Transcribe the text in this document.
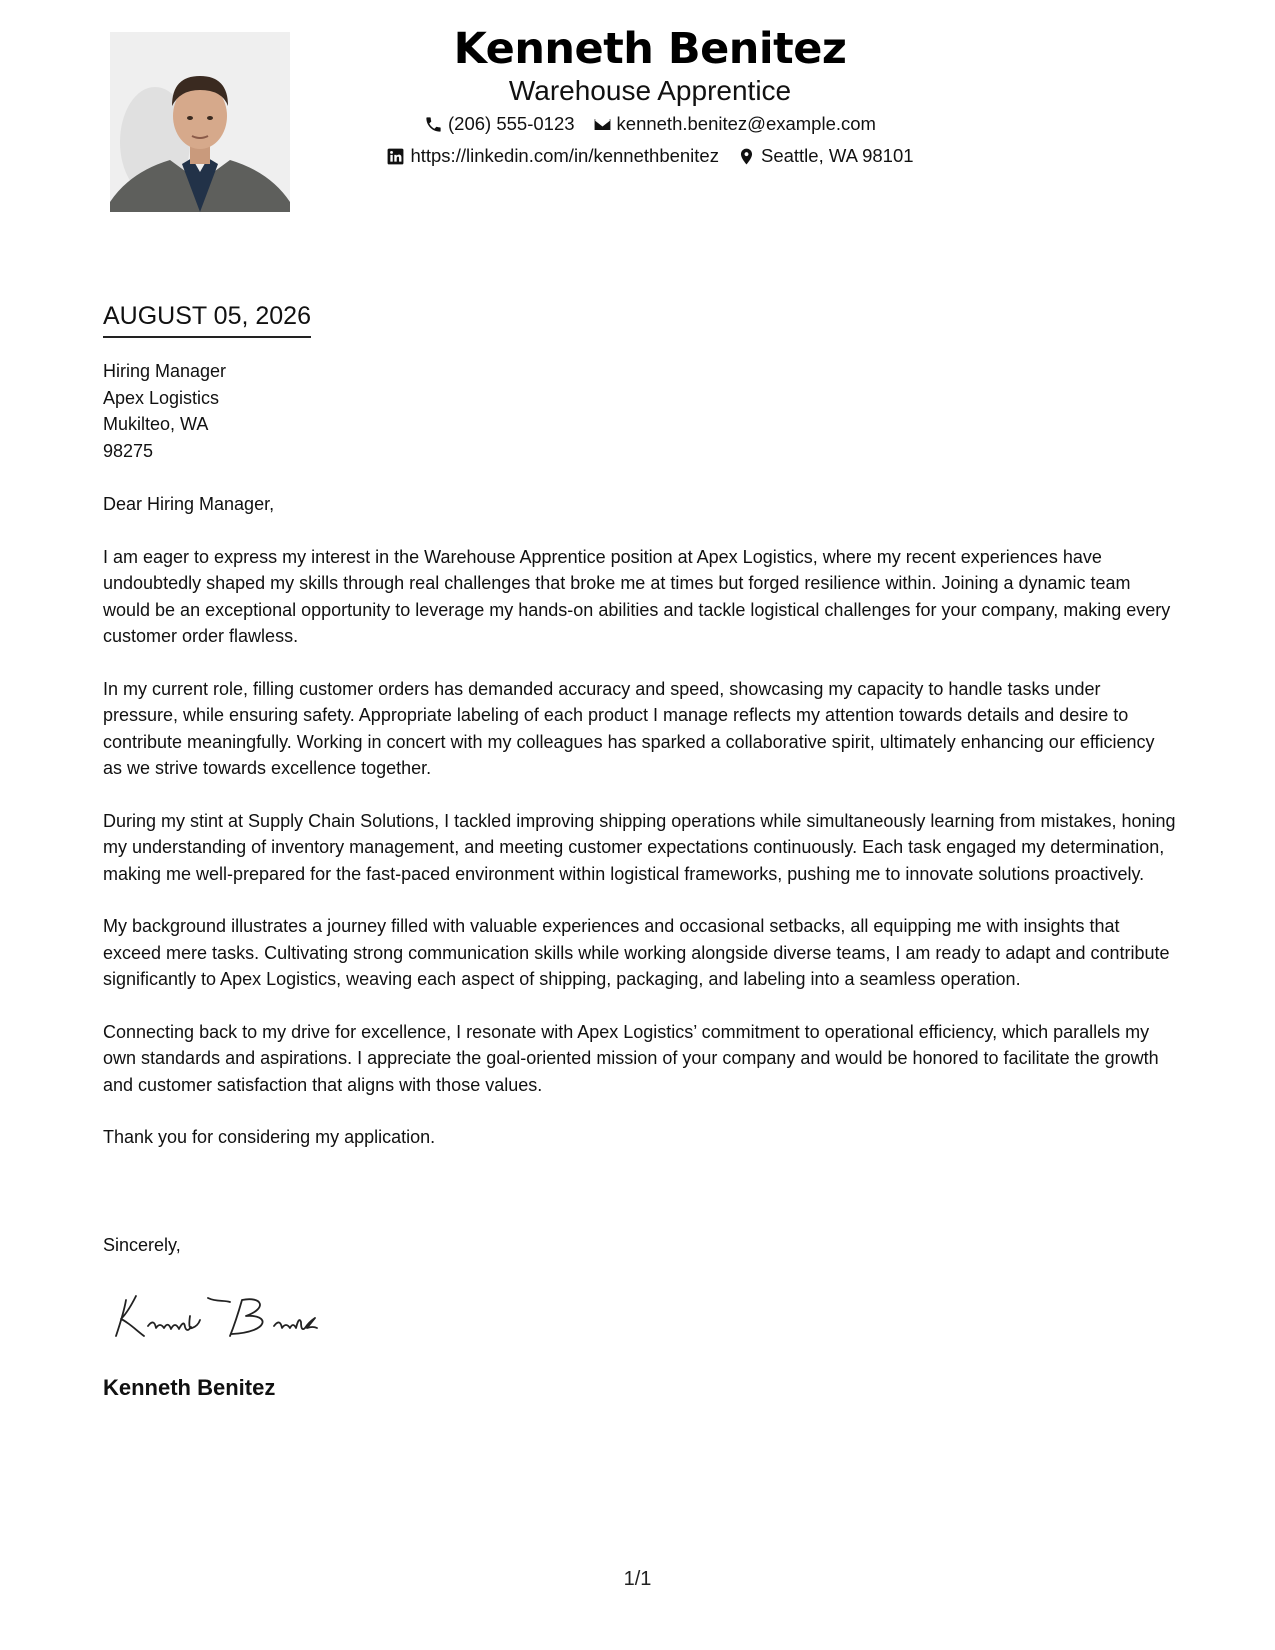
Kenneth Benitez
Warehouse Apprentice
(206) 555-0123 kenneth.benitez@example.com
https://linkedin.com/in/kennethbenitez Seattle, WA 98101
AUGUST 05, 2026
Hiring Manager
Apex Logistics
Mukilteo, WA
98275
Dear Hiring Manager,

I am eager to express my interest in the Warehouse Apprentice position at Apex Logistics, where my recent experiences have undoubtedly shaped my skills through real challenges that broke me at times but forged resilience within. Joining a dynamic team would be an exceptional opportunity to leverage my hands-on abilities and tackle logistical challenges for your company, making every customer order flawless.

In my current role, filling customer orders has demanded accuracy and speed, showcasing my capacity to handle tasks under pressure, while ensuring safety. Appropriate labeling of each product I manage reflects my attention towards details and desire to contribute meaningfully. Working in concert with my colleagues has sparked a collaborative spirit, ultimately enhancing our efficiency as we strive towards excellence together.

During my stint at Supply Chain Solutions, I tackled improving shipping operations while simultaneously learning from mistakes, honing my understanding of inventory management, and meeting customer expectations continuously. Each task engaged my determination, making me well-prepared for the fast-paced environment within logistical frameworks, pushing me to innovate solutions proactively.

My background illustrates a journey filled with valuable experiences and occasional setbacks, all equipping me with insights that exceed mere tasks. Cultivating strong communication skills while working alongside diverse teams, I am ready to adapt and contribute significantly to Apex Logistics, weaving each aspect of shipping, packaging, and labeling into a seamless operation.

Connecting back to my drive for excellence, I resonate with Apex Logistics’ commitment to operational efficiency, which parallels my own standards and aspirations. I appreciate the goal-oriented mission of your company and would be honored to facilitate the growth and customer satisfaction that aligns with those values.

Thank you for considering my application.

Sincerely,
Kenneth Benitez
1/1
